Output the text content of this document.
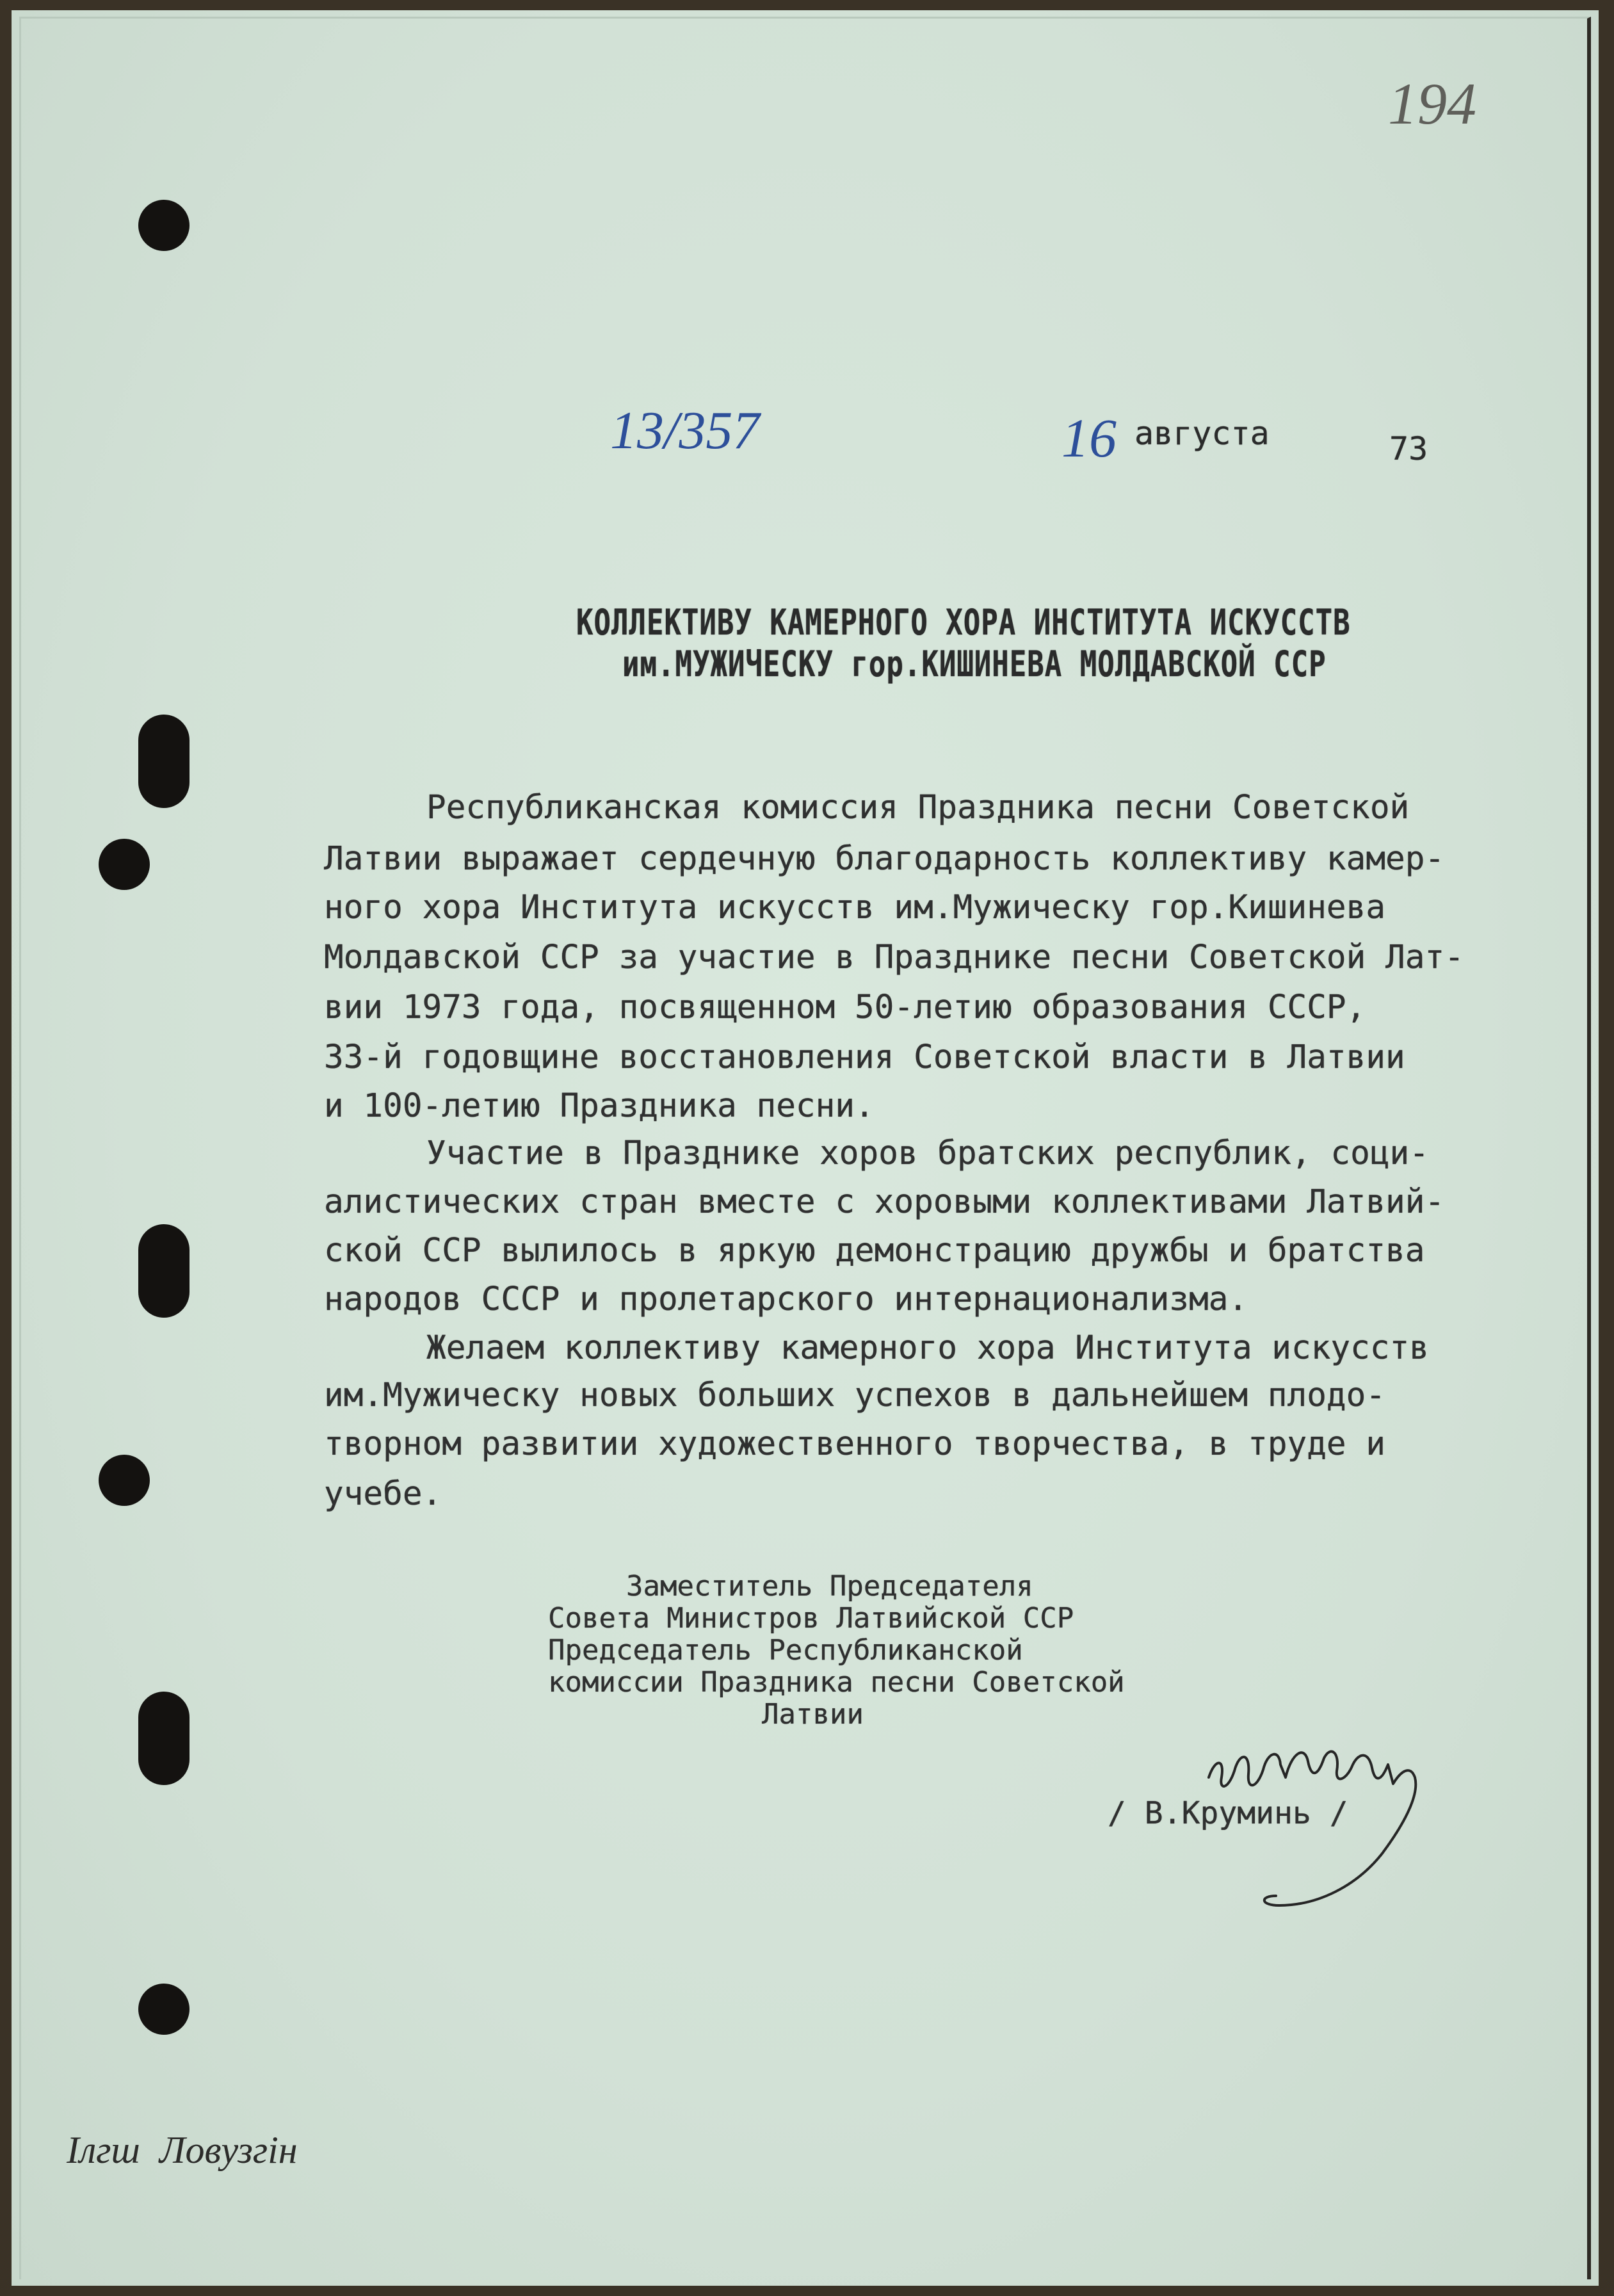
194
13/357	16 августа	73
КОЛЛЕКТИВУ КАМЕРНОГО ХОРА ИНСТИТУТА ИСКУССТВ
им.МУЖИЧЕСКУ гор.КИШИНЕВА МОЛДАВСКОЙ ССР
Республиканская комиссия Праздника песни Советской
Латвии выражает сердечную благодарность коллективу камер-
ного хора Института искусств им.Мужическу гор.Кишинева
Молдавской ССР за участие в Празднике песни Советской Лат-
вии 1973 года, посвященном 50-летию образования СССР,
33-й годовщине восстановления Советской власти в Латвии
и 100-летию Праздника песни.
Участие в Празднике хоров братских республик, соци-
алистических стран вместе с хоровыми коллективами Латвий-
ской ССР вылилось в яркую демонстрацию дружбы и братства
народов СССР и пролетарского интернационализма.
Желаем коллективу камерного хора Института искусств
им.Мужическу новых больших успехов в дальнейшем плодо-
творном развитии художественного творчества, в труде и
учебе.
Заместитель Председателя
Совета Министров Латвийской ССР
Председатель Республиканской
комиссии Праздника песни Советской
Латвии
/ В.Круминь /
Ілгш  Ловузгін
